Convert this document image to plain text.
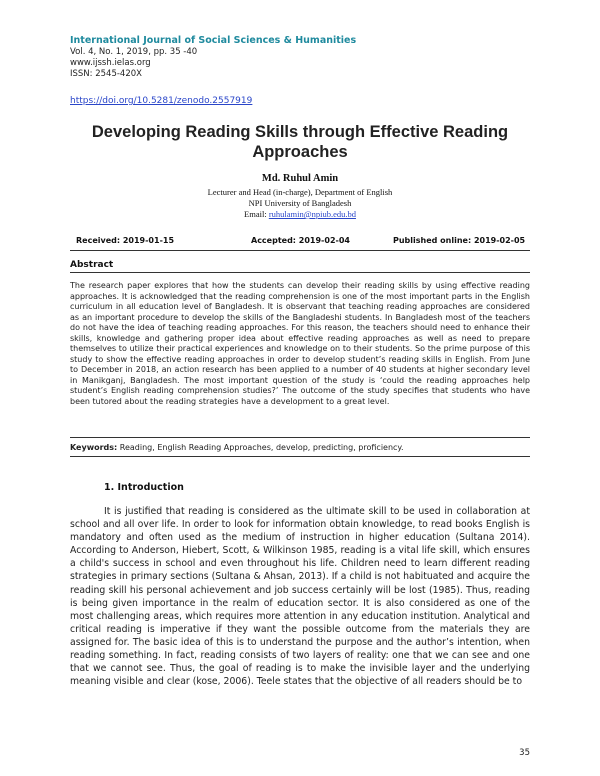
International Journal of Social Sciences & Humanities
Vol. 4, No. 1, 2019, pp. 35 -40
www.ijssh.ielas.org
ISSN: 2545-420X
https://doi.org/10.5281/zenodo.2557919
Developing Reading Skills through Effective Reading Approaches
Md. Ruhul Amin
Lecturer and Head (in-charge), Department of English
NPI University of Bangladesh
Email: ruhulamin@npiub.edu.bd
Received: 2019-01-15	Accepted: 2019-02-04	Published online: 2019-02-05
Abstract

The research paper explores that how the students can develop their reading skills by using effective reading approaches. It is acknowledged that the reading comprehension is one of the most important parts in the English curriculum in all education level of Bangladesh. It is observant that teaching reading approaches are considered as an important procedure to develop the skills of the Bangladeshi students. In Bangladesh most of the teachers do not have the idea of teaching reading approaches. For this reason, the teachers should need to enhance their skills, knowledge and gathering proper idea about effective reading approaches as well as need to prepare themselves to utilize their practical experiences and knowledge on to their students. So the prime purpose of this study to show the effective reading approaches in order to develop student’s reading skills in English. From June to December in 2018, an action research has been applied to a number of 40 students at higher secondary level in Manikganj, Bangladesh. The most important question of the study is ‘could the reading approaches help student’s English reading comprehension studies?’ The outcome of the study specifies that students who have been tutored about the reading strategies have a development to a great level.

Keywords: Reading, English Reading Approaches, develop, predicting, proficiency.
1. Introduction

It is justified that reading is considered as the ultimate skill to be used in collaboration at school and all over life. In order to look for information obtain knowledge, to read books English is mandatory and often used as the medium of instruction in higher education (Sultana 2014). According to Anderson, Hiebert, Scott, & Wilkinson 1985, reading is a vital life skill, which ensures a child's success in school and even throughout his life. Children need to learn different reading strategies in primary sections (Sultana & Ahsan, 2013). If a child is not habituated and acquire the reading skill his personal achievement and job success certainly will be lost (1985). Thus, reading is being given importance in the realm of education sector. It is also considered as one of the most challenging areas, which requires more attention in any education institution. Analytical and critical reading is imperative if they want the possible outcome from the materials they are assigned for. The basic idea of this is to understand the purpose and the author’s intention, when reading something. In fact, reading consists of two layers of reality: one that we can see and one that we cannot see. Thus, the goal of reading is to make the invisible layer and the underlying meaning visible and clear (kose, 2006). Teele states that the objective of all readers should be to

35
